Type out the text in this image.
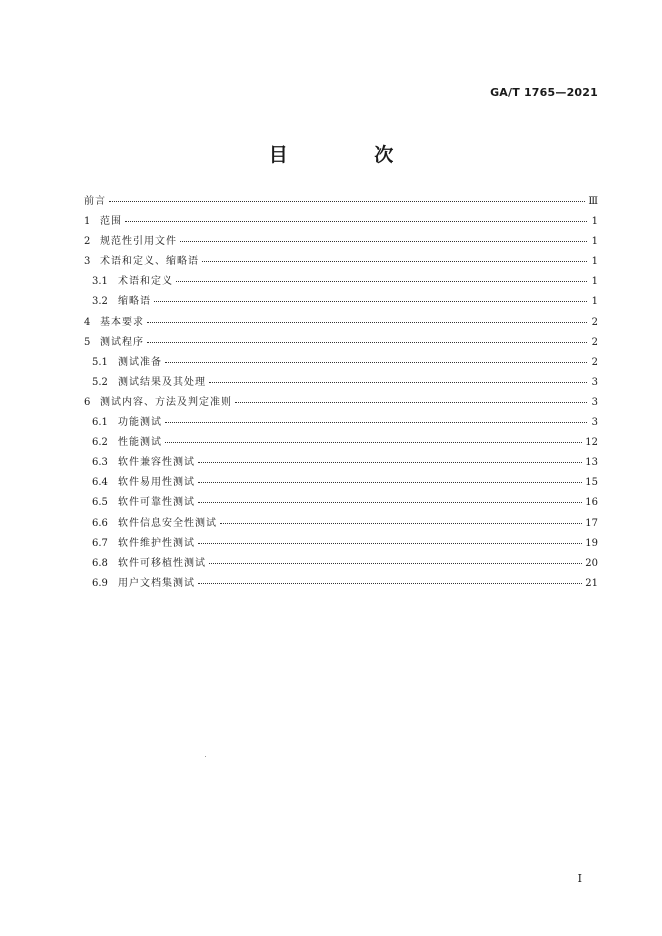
GA/T 1765—2021
目 次
前言	Ⅲ
1 范围	1
2 规范性引用文件	1
3 术语和定义、缩略语	1
3.1	术语和定义	1
3.2	缩略语	1
4 基本要求	2
5 测试程序	2
5.1	测试准备	2
5.2	测试结果及其处理	3
6 测试内容、方法及判定准则	3
6.1	功能测试	3
6.2	性能测试	12
6.3	软件兼容性测试	13
6.4	软件易用性测试	15
6.5	软件可靠性测试	16
6.6	软件信息安全性测试	17
6.7	软件维护性测试	19
6.8	软件可移植性测试	20
6.9	用户文档集测试	21
I
